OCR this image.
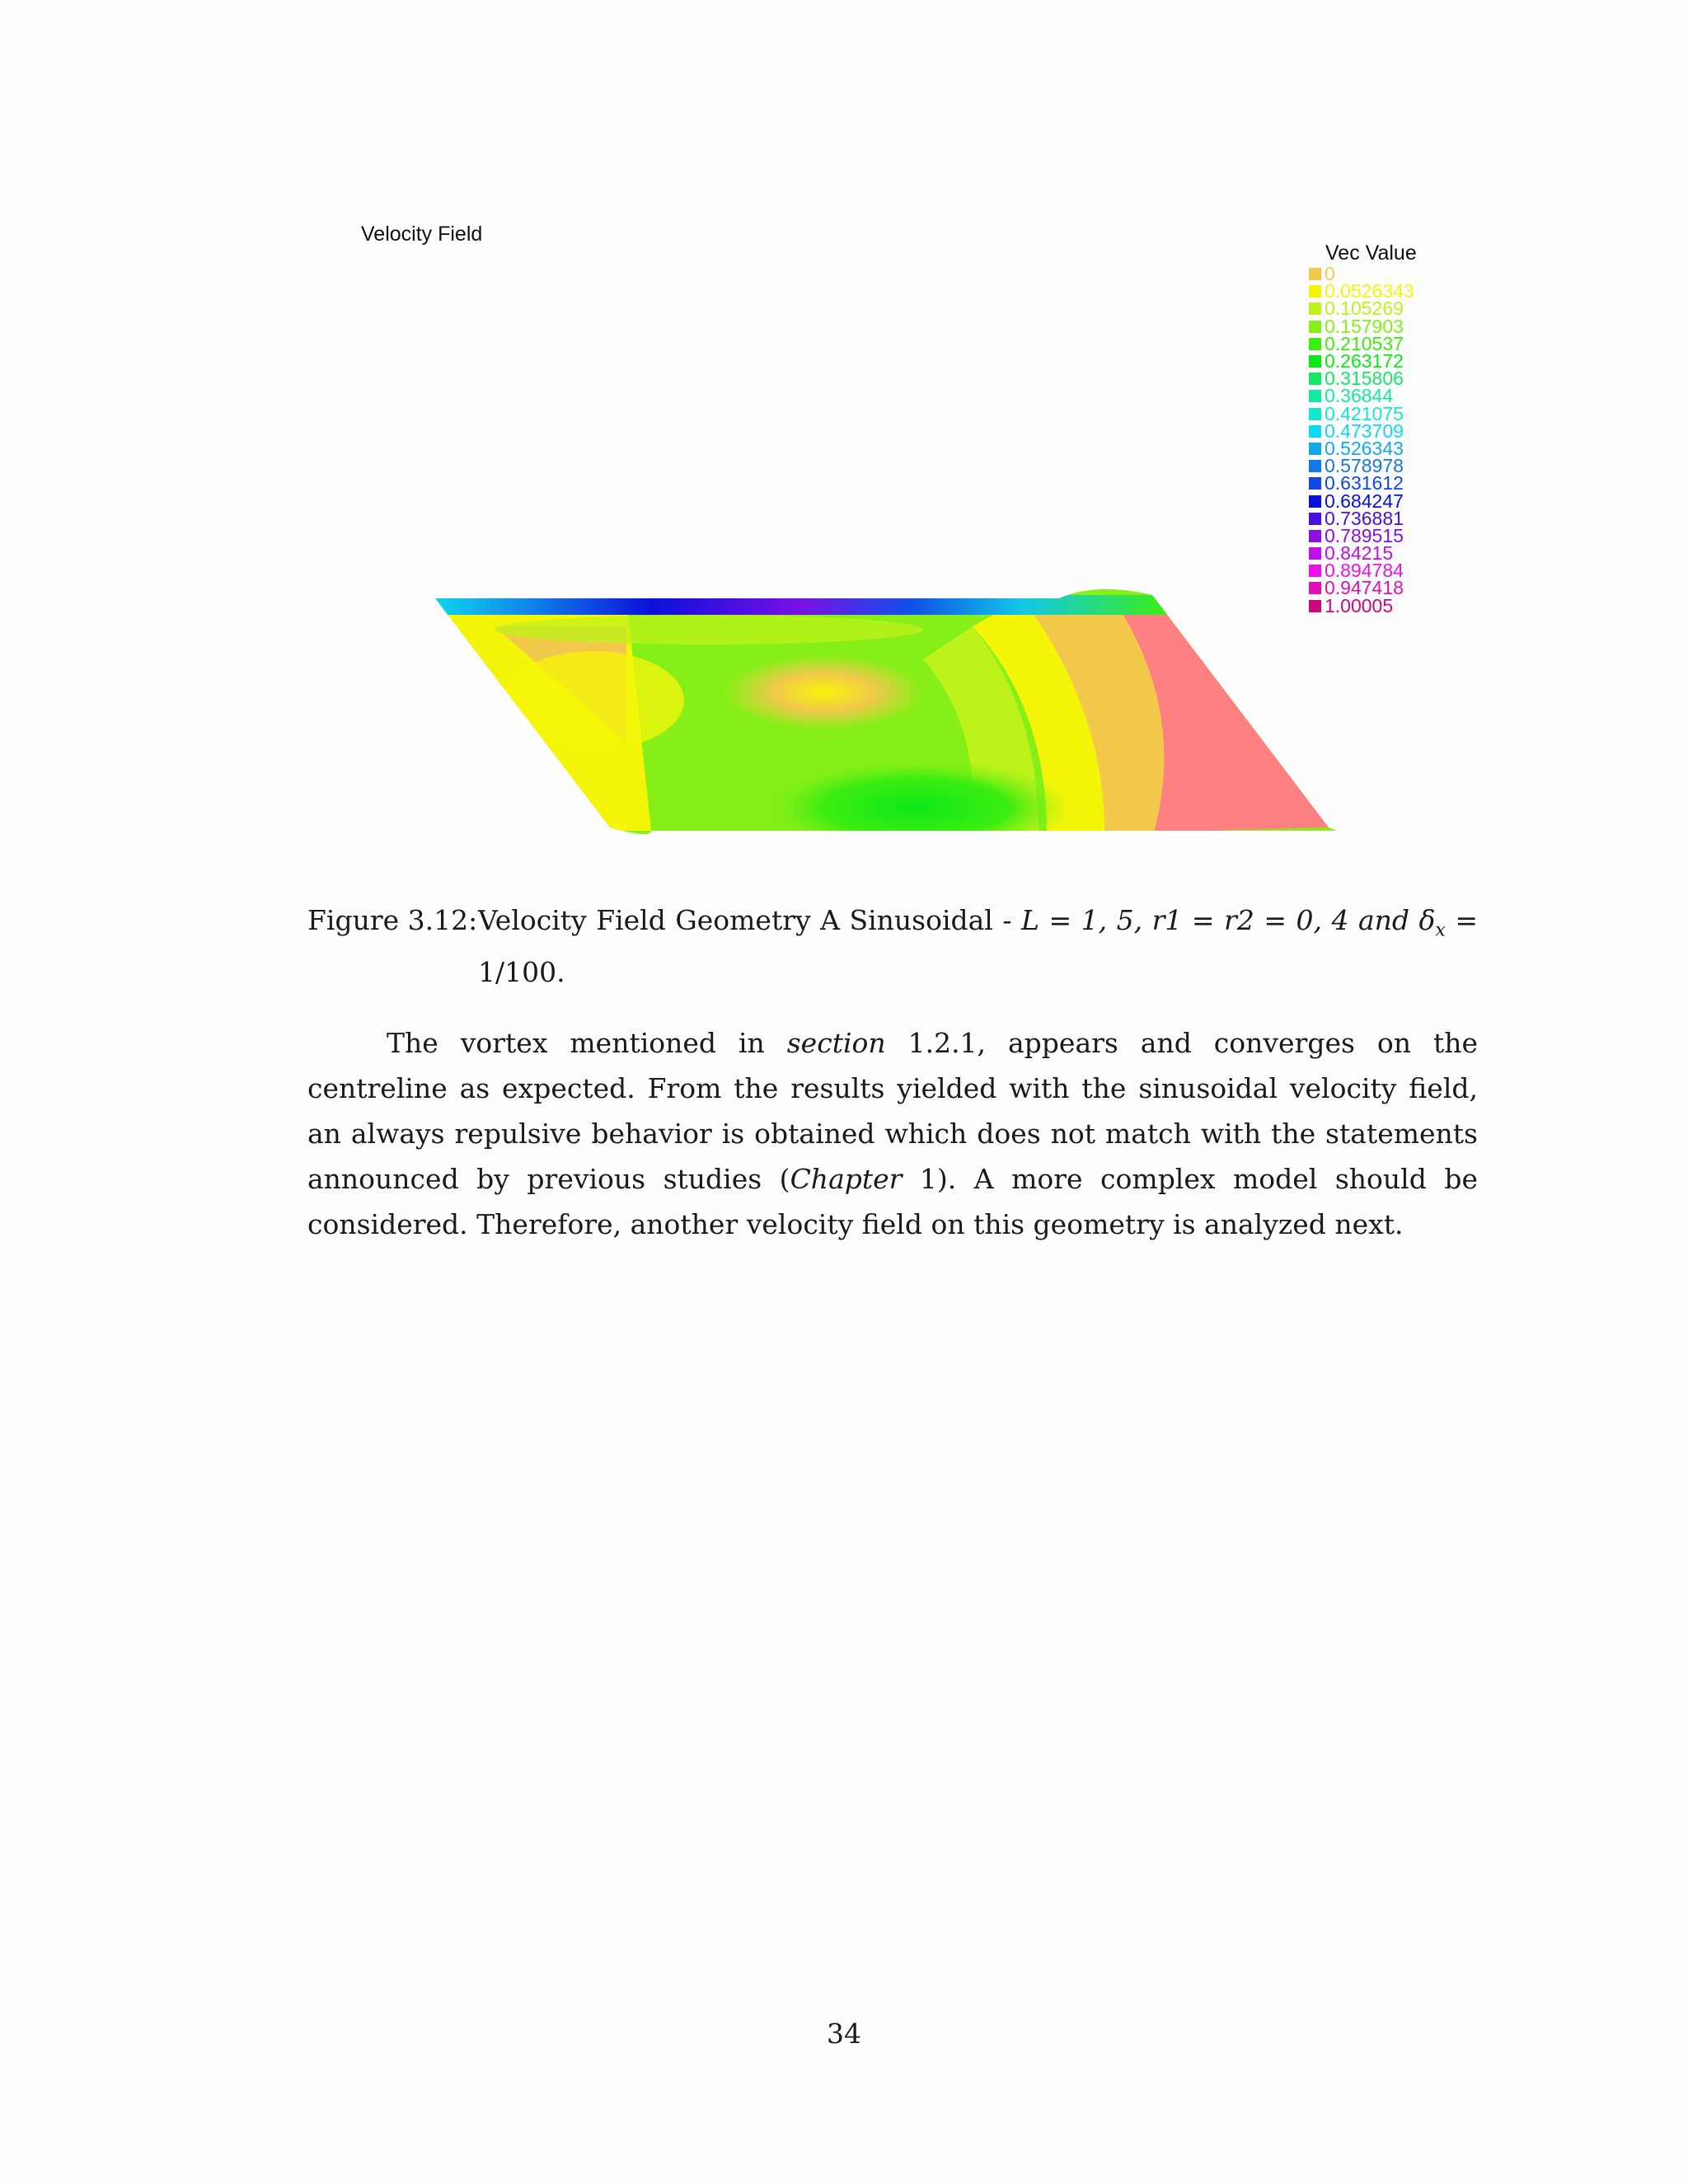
Velocity Field
Vec Value
0
0.0526343
0.105269
0.157903
0.210537
0.263172
0.315806
0.36844
0.421075
0.473709
0.526343
0.578978
0.631612
0.684247
0.736881
0.789515
0.84215
0.894784
0.947418
1.00005
Figure 3.12: Velocity Field Geometry A Sinusoidal - L = 1, 5, r1 = r2 = 0, 4 and $\delta_x = 1/100$.

The vortex mentioned in section 1.2.1, appears and converges on the centreline as expected. From the results yielded with the sinusoidal velocity field, an always repulsive behavior is obtained which does not match with the statements announced by previous studies (Chapter 1). A more complex model should be considered. Therefore, another velocity field on this geometry is analyzed next.

34
